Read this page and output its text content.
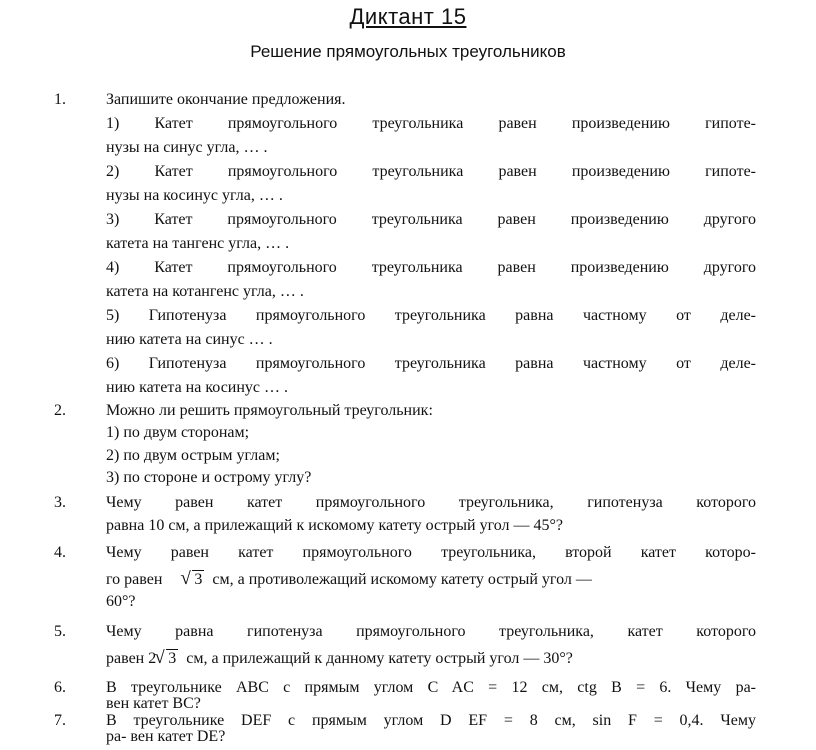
Диктант 15
Решение прямоугольных треугольников
1.	Запишите окончание предложения.
1) Катет прямоугольного треугольника равен произведению гипоте-
нузы на синус угла, … .
2) Катет прямоугольного треугольника равен произведению гипоте-
нузы на косинус угла, … .
3) Катет прямоугольного треугольника равен произведению другого
катета на тангенс угла, … .
4) Катет прямоугольного треугольника равен произведению другого
катета на котангенс угла, … .
5) Гипотенуза прямоугольного треугольника равна частному от деле-
нию катета на синус … .
6) Гипотенуза прямоугольного треугольника равна частному от деле-
нию катета на косинус … .
2.	Можно ли решить прямоугольный треугольник:
1) по двум сторонам;
2) по двум острым углам;
3) по стороне и острому углу?
3.	Чему равен катет прямоугольного треугольника, гипотенуза которого
равна 10 см, а прилежащий к искомому катету острый угол — 45°?
4.	Чему равен катет прямоугольного треугольника, второй катет которо-
го равен √ 3 см, а противолежащий искомому катету острый угол —
60°?
5.	Чему равна гипотенуза прямоугольного треугольника, катет которого
равен 2 √ 3 см, а прилежащий к данному катету острый угол — 30°?
6.	В треугольнике ABC с прямым углом C AC = 12 см, ctg B = 6. Чему ра-
вен катет BC?
7.	В треугольнике DEF с прямым углом D EF = 8 см, sin F = 0,4. Чему
ра- вен катет DE?
